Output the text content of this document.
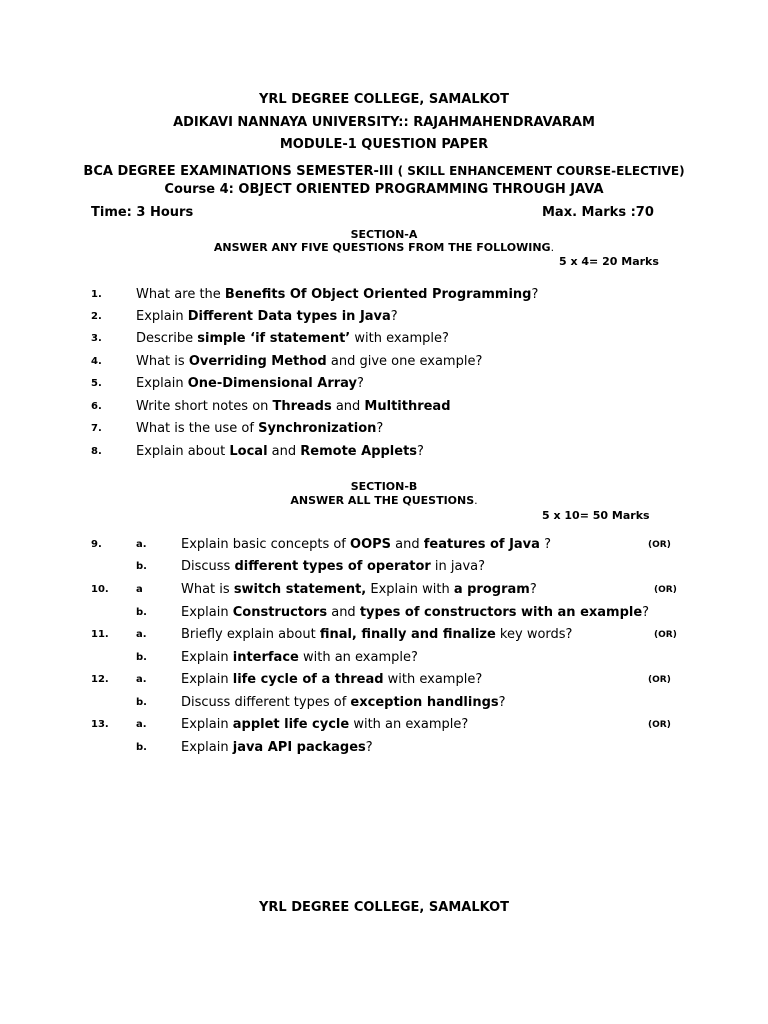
YRL DEGREE COLLEGE, SAMALKOT
ADIKAVI NANNAYA UNIVERSITY:: RAJAHMAHENDRAVARAM
MODULE-1 QUESTION PAPER
BCA DEGREE EXAMINATIONS SEMESTER-III ( SKILL ENHANCEMENT COURSE-ELECTIVE)
Course 4: OBJECT ORIENTED PROGRAMMING THROUGH JAVA
Time: 3 Hours	Max. Marks :70
SECTION-A
ANSWER ANY FIVE QUESTIONS FROM THE FOLLOWING.
5 x 4= 20 Marks
1.	What are the Benefits Of Object Oriented Programming?
2.	Explain Different Data types in Java?
3.	Describe simple ‘if statement’ with example?
4.	What is Overriding Method and give one example?
5.	Explain One-Dimensional Array?
6.	Write short notes on Threads and Multithread
7.	What is the use of Synchronization?
8.	Explain about Local and Remote Applets?
SECTION-B
ANSWER ALL THE QUESTIONS.
5 x 10= 50 Marks
9.	a.	Explain basic concepts of OOPS and features of Java ?	(OR)
b.	Discuss different types of operator in java?
10.	a	What is switch statement, Explain with a program?	(OR)
b.	Explain Constructors and types of constructors with an example?
11.	a.	Briefly explain about final, finally and finalize key words?	(OR)
b.	Explain interface with an example?
12.	a.	Explain life cycle of a thread with example?	(OR)
b.	Discuss different types of exception handlings?
13.	a.	Explain applet life cycle with an example?	(OR)
b.	Explain java API packages?
YRL DEGREE COLLEGE, SAMALKOT
